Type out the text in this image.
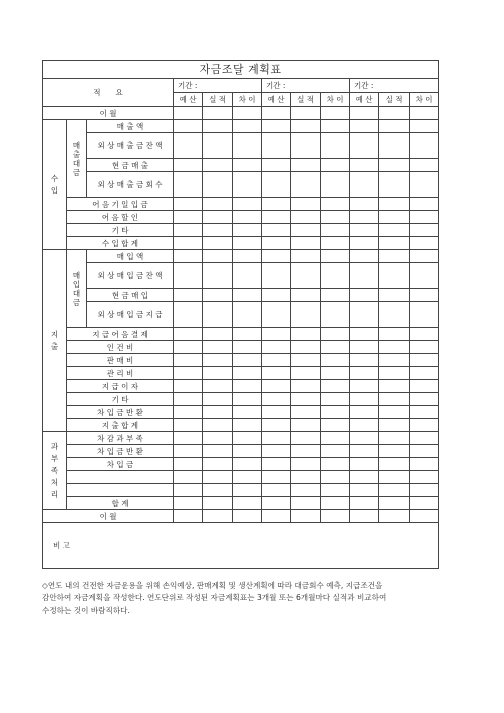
자금조달 계획표											
적　　요			기간 :			기간 :			기간 :		
			예 산	실 적	차 이	예 산	실 적	차 이	예 산	실 적	차 이
이 월											

수
입	매
출
대
금	매 출 액									
		외 상 매 출 금 잔 액									
		현 금 매 출									
		외 상 매 출 금 회 수									
	어 음 기 일 입 금										
	어 음 할 인										
	기 타										
	수 입 합 계										

지
출	매
입
대
금	매 입 액									
		외 상 매 입 금 잔 액									
		현 금 매 입									
		외 상 매 입 금 지 급									
	지 급 어 음 결 제										
	인 건 비										
	판 매 비										
	관 리 비										
	지 급 이 자										
	기 타										
	차 입 금 반 환										
	지 출 합 계										

과
부
족
처
리	차 감 과 부 족										
	차 입 금 반 환										
	차 입 금										

	합 계										
이 월											
비 고											
◇연도 내의 건전한 자금운용을 위해 손익예상, 판매계획 및 생산계획에 따라 대금회수 예측, 지급조건을
감안하여 자금계획을 작성한다. 연도단위로 작성된 자금계획표는 3개월 또는 6개월마다 실적과 비교하여
수정하는 것이 바람직하다.
